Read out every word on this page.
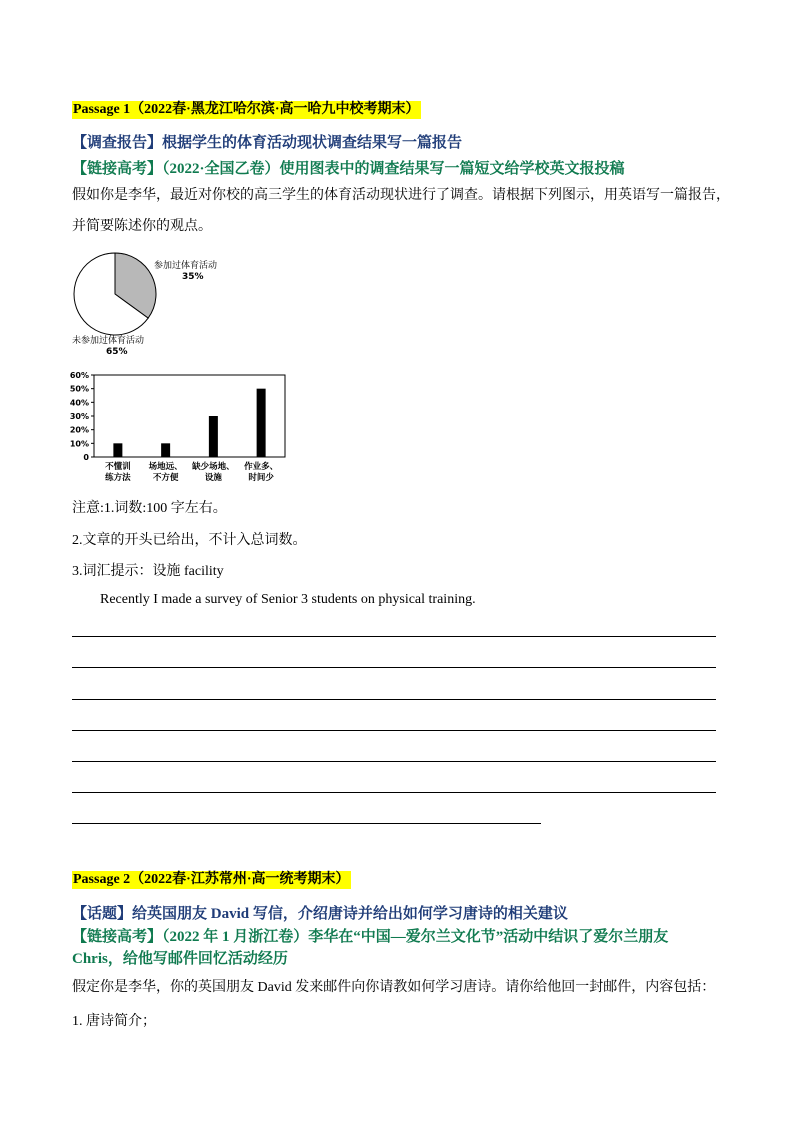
Passage 1（2022春·黑龙江哈尔滨·高一哈九中校考期末）
【调查报告】根据学生的体育活动现状调查结果写一篇报告
【链接高考】（2022·全国乙卷）使用图表中的调查结果写一篇短文给学校英文报投稿
假如你是李华，最近对你校的高三学生的体育活动现状进行了调查。请根据下列图示，用英语写一篇报告，
并简要陈述你的观点。
参加过体育活动
35%
未参加过体育活动
65%
0
10%
20%
30%
40%
50%
60%
不懂训
练方法
场地远、
不方便
缺少场地、
设施
作业多、
时间少
注意:1.词数:100 字左右。
2.文章的开头已给出，不计入总词数。
3.词汇提示：设施 facility
Recently I made a survey of Senior 3 students on physical training.
Passage 2（2022春·江苏常州·高一统考期末）
【话题】给英国朋友 David 写信，介绍唐诗并给出如何学习唐诗的相关建议
【链接高考】（2022 年 1 月浙江卷）李华在“中国—爱尔兰文化节”活动中结识了爱尔兰朋友 Chris，给他写邮件回忆活动经历
假定你是李华，你的英国朋友 David 发来邮件向你请教如何学习唐诗。请你给他回一封邮件，内容包括：
1. 唐诗简介；
